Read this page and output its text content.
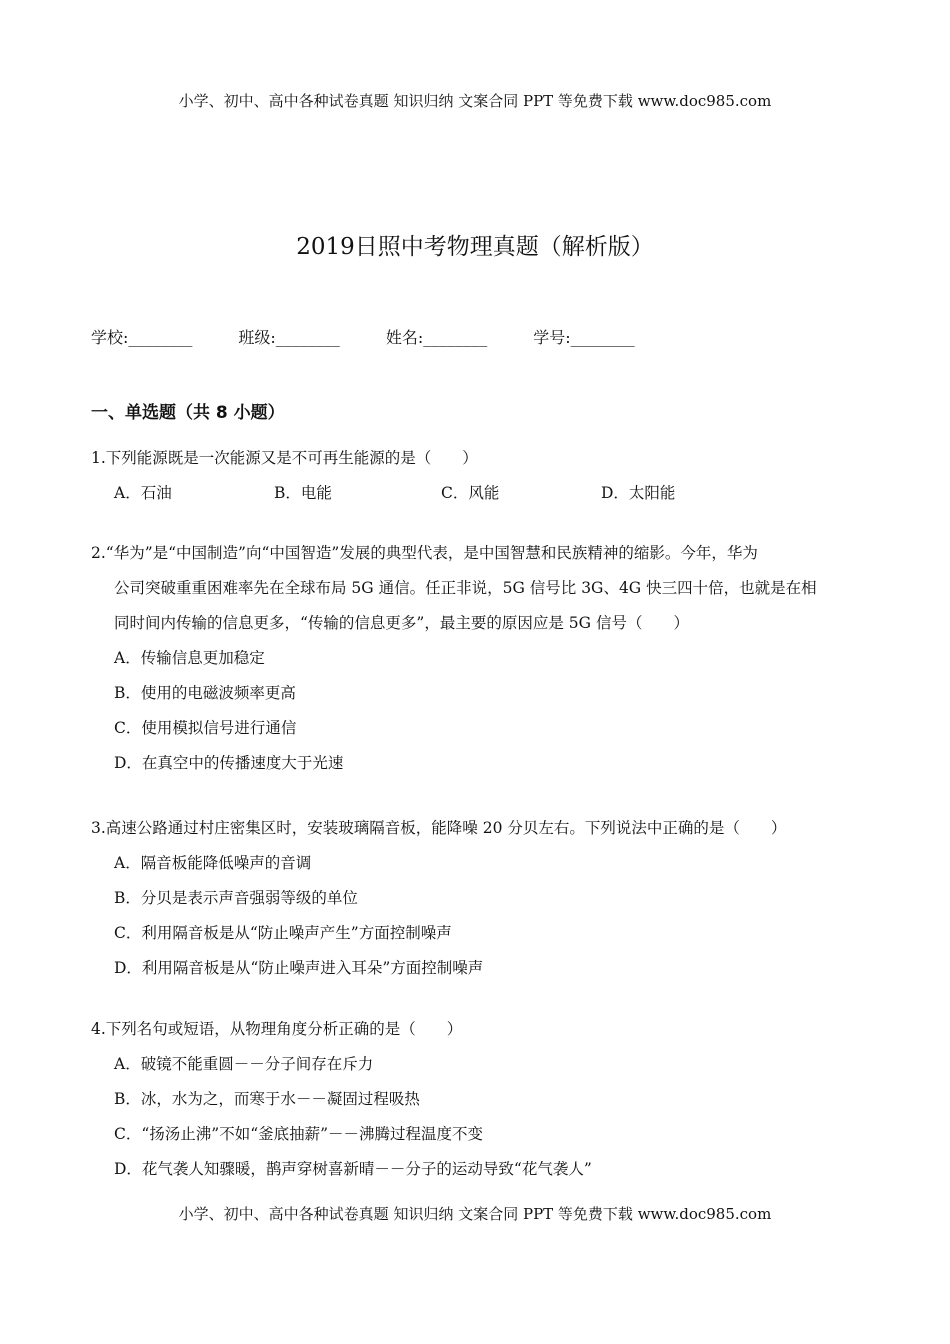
小学、初中、高中各种试卷真题 知识归纳 文案合同 PPT 等免费下载 www.doc985.com
2019日照中考物理真题（解析版）
学校:________	班级:________	姓名:________	学号:________
一、单选题（共 8 小题）
1.下列能源既是一次能源又是不可再生能源的是（　　）
A．石油	B．电能	C．风能	D．太阳能
2.“华为”是“中国制造”向“中国智造”发展的典型代表，是中国智慧和民族精神的缩影。今年，华为
公司突破重重困难率先在全球布局 5G 通信。任正非说，5G 信号比 3G、4G 快三四十倍，也就是在相
同时间内传输的信息更多，“传输的信息更多”，最主要的原因应是 5G 信号（　　）
A．传输信息更加稳定
B．使用的电磁波频率更高
C．使用模拟信号进行通信
D．在真空中的传播速度大于光速
3.高速公路通过村庄密集区时，安装玻璃隔音板，能降噪 20 分贝左右。下列说法中正确的是（　　）
A．隔音板能降低噪声的音调
B．分贝是表示声音强弱等级的单位
C．利用隔音板是从“防止噪声产生”方面控制噪声
D．利用隔音板是从“防止噪声进入耳朵”方面控制噪声
4.下列名句或短语，从物理角度分析正确的是（　　）
A．破镜不能重圆－－分子间存在斥力
B．冰，水为之，而寒于水－－凝固过程吸热
C．“扬汤止沸”不如“釜底抽薪”－－沸腾过程温度不变
D．花气袭人知骤暖，鹊声穿树喜新晴－－分子的运动导致“花气袭人”
小学、初中、高中各种试卷真题 知识归纳 文案合同 PPT 等免费下载 www.doc985.com
